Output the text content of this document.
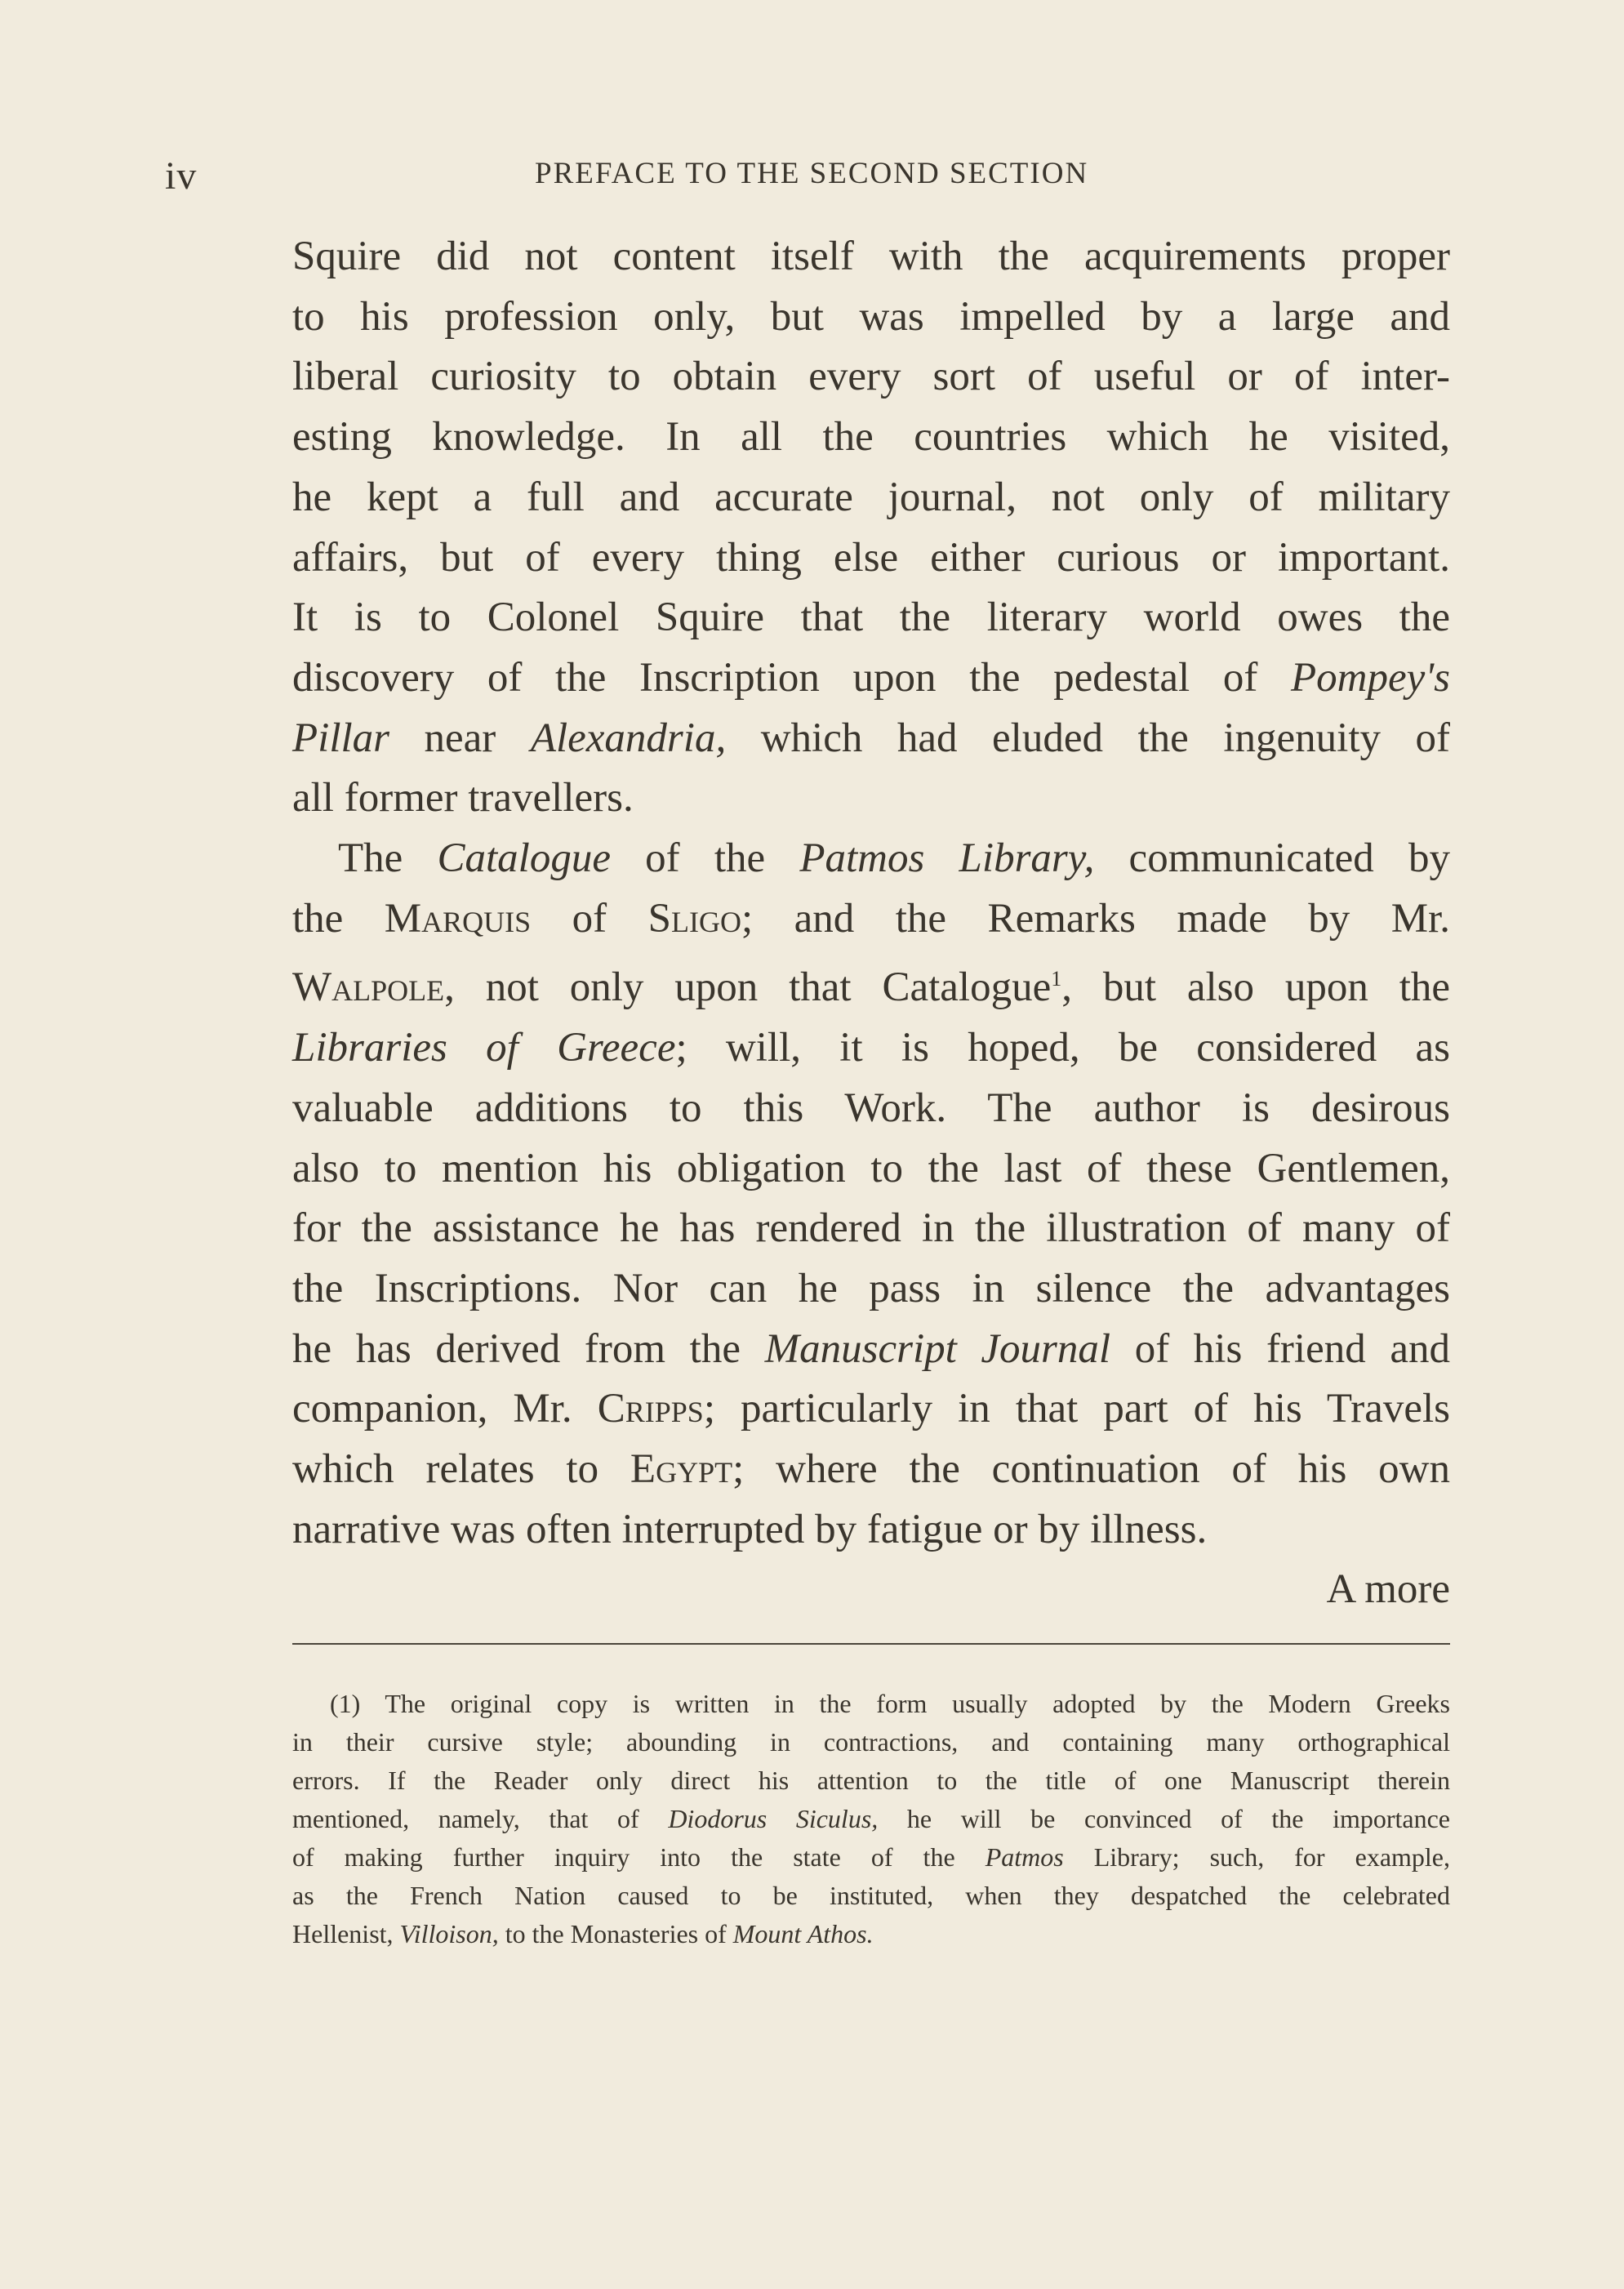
iv	PREFACE TO THE SECOND SECTION
Squire did not content itself with the acquirements proper
to his profession only, but was impelled by a large and
liberal curiosity to obtain every sort of useful or of inter-
esting knowledge. In all the countries which he visited,
he kept a full and accurate journal, not only of military
affairs, but of every thing else either curious or important.
It is to Colonel Squire that the literary world owes the
discovery of the Inscription upon the pedestal of Pompey's
Pillar near Alexandria, which had eluded the ingenuity of
all former travellers.
The Catalogue of the Patmos Library, communicated by
the Marquis of Sligo; and the Remarks made by Mr.
Walpole, not only upon that Catalogue$^1$, but also upon the
Libraries of Greece; will, it is hoped, be considered as
valuable additions to this Work. The author is desirous
also to mention his obligation to the last of these Gentlemen,
for the assistance he has rendered in the illustration of many of
the Inscriptions. Nor can he pass in silence the advantages
he has derived from the Manuscript Journal of his friend and
companion, Mr. Cripps; particularly in that part of his Travels
which relates to Egypt; where the continuation of his own
narrative was often interrupted by fatigue or by illness.
A more
(1) The original copy is written in the form usually adopted by the Modern Greeks
in their cursive style; abounding in contractions, and containing many orthographical
errors. If the Reader only direct his attention to the title of one Manuscript therein
mentioned, namely, that of Diodorus Siculus, he will be convinced of the importance
of making further inquiry into the state of the Patmos Library; such, for example,
as the French Nation caused to be instituted, when they despatched the celebrated
Hellenist, Villoison, to the Monasteries of Mount Athos.
